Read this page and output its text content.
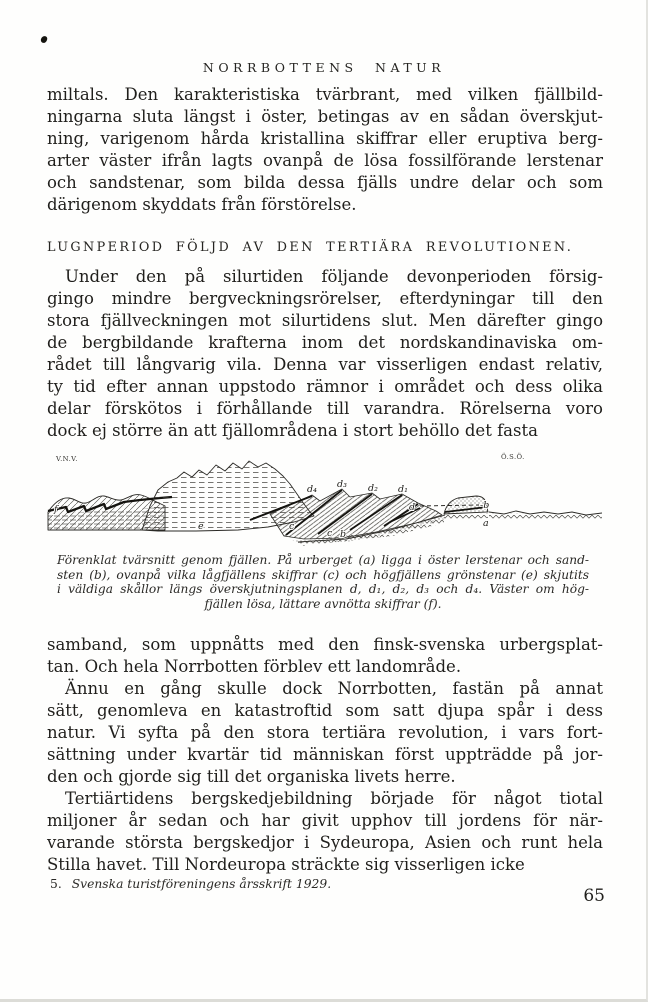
NORRBOTTENS NATUR
miltals. Den karakteristiska tvärbrant, med vilken fjällbild-
ningarna sluta längst i öster, betingas av en sådan överskjut-
ning, varigenom hårda kristallina skiffrar eller eruptiva berg-
arter väster ifrån lagts ovanpå de lösa fossilförande lerstenar
och sandstenar, som bilda dessa fjälls undre delar och som
därigenom skyddats från förstörelse.
LUGNPERIOD FÖLJD AV DEN TERTIÄRA REVOLUTIONEN.
Under den på silurtiden följande devonperioden försig-
gingo mindre bergveckningsrörelser, efterdyningar till den
stora fjällveckningen mot silurtidens slut. Men därefter gingo
de bergbildande krafterna inom det nordskandinaviska om-
rådet till långvarig vila. Denna var visserligen endast relativ,
ty tid efter annan uppstodo rämnor i området och dess olika
delar förskötos i förhållande till varandra. Rörelserna voro
dock ej större än att fjällområdena i stort behöllo det fasta
V.N.V.	Ö.S.Ö.
f
e	c
c b
d₄ d₃ d₂ d₁
d	-b
a
Förenklat tvärsnitt genom fjällen. På urberget (a) ligga i öster lerstenar och sand-
sten (b), ovanpå vilka lågfjällens skiffrar (c) och högfjällens grönstenar (e) skjutits
i väldiga skållor längs överskjutningsplanen d, d₁, d₂, d₃ och d₄. Väster om hög-
fjällen lösa, lättare avnötta skiffrar (f).
samband, som uppnåtts med den finsk-svenska urbergsplat-
tan. Och hela Norrbotten förblev ett landområde.
Ännu en gång skulle dock Norrbotten, fastän på annat
sätt, genomleva en katastroftid som satt djupa spår i dess
natur. Vi syfta på den stora tertiära revolution, i vars fort-
sättning under kvartär tid människan först uppträdde på jor-
den och gjorde sig till det organiska livets herre.
Tertiärtidens bergskedjebildning började för något tiotal
miljoner år sedan och har givit upphov till jordens för när-
varande största bergskedjor i Sydeuropa, Asien och runt hela
Stilla havet. Till Nordeuropa sträckte sig visserligen icke
5. Svenska turistföreningens årsskrift 1929.
65
